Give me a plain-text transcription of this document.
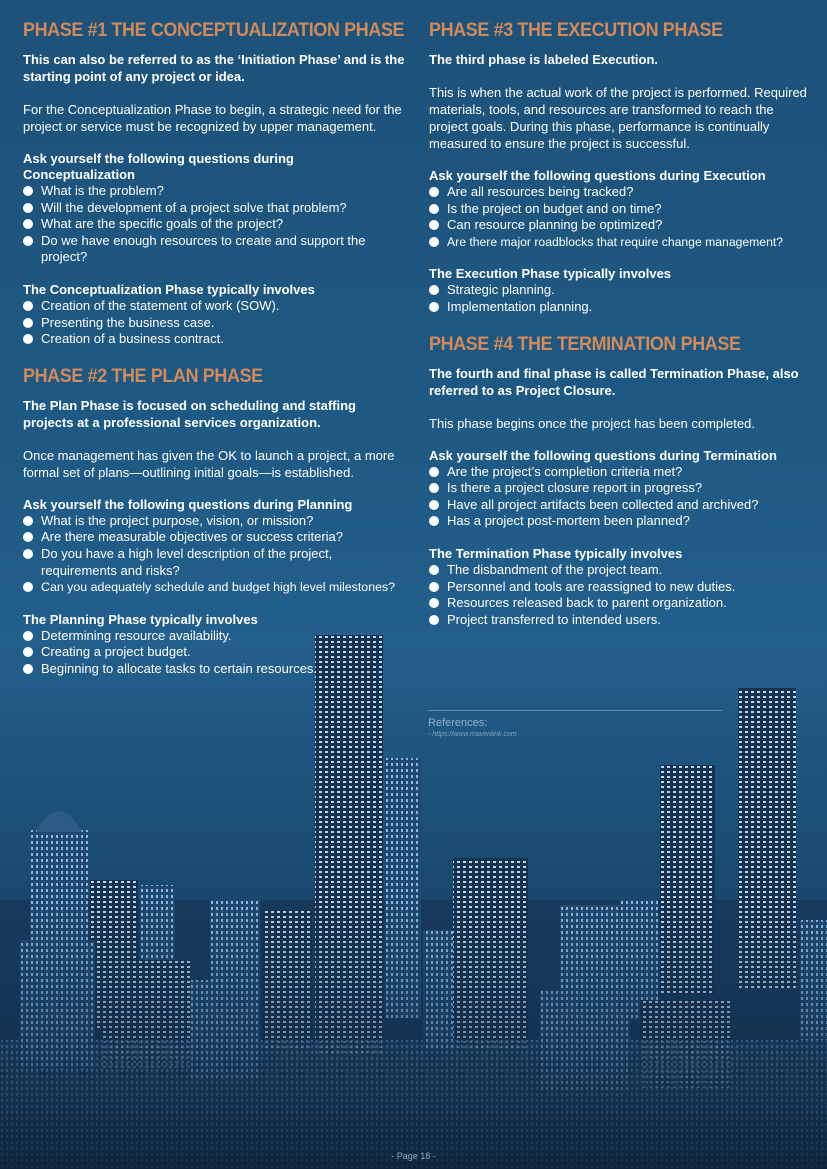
PHASE #1 THE CONCEPTUALIZATION PHASE

This can also be referred to as the ‘Initiation Phase’ and is the starting point of any project or idea.

For the Conceptualization Phase to begin, a strategic need for the project or service must be recognized by upper management.

Ask yourself the following questions during Conceptualization

What is the problem?
Will the development of a project solve that problem?
What are the specific goals of the project?
Do we have enough resources to create and support the project?

The Conceptualization Phase typically involves

Creation of the statement of work (SOW).
Presenting the business case.
Creation of a business contract.
PHASE #2 THE PLAN PHASE

The Plan Phase is focused on scheduling and staffing projects at a professional services organization.

Once management has given the OK to launch a project, a more formal set of plans—outlining initial goals—is established.

Ask yourself the following questions during Planning

What is the project purpose, vision, or mission?
Are there measurable objectives or success criteria?
Do you have a high level description of the project, requirements and risks?
Can you adequately schedule and budget high level milestones?

The Planning Phase typically involves

Determining resource availability.
Creating a project budget.
Beginning to allocate tasks to certain resources.
PHASE #3 THE EXECUTION PHASE

The third phase is labeled Execution.

This is when the actual work of the project is performed. Required materials, tools, and resources are transformed to reach the project goals. During this phase, performance is continually measured to ensure the project is successful.

Ask yourself the following questions during Execution

Are all resources being tracked?
Is the project on budget and on time?
Can resource planning be optimized?
Are there major roadblocks that require change management?

The Execution Phase typically involves

Strategic planning.
Implementation planning.
PHASE #4 THE TERMINATION PHASE

The fourth and final phase is called Termination Phase, also referred to as Project Closure.

This phase begins once the project has been completed.

Ask yourself the following questions during Termination

Are the project’s completion criteria met?
Is there a project closure report in progress?
Have all project artifacts been collected and archived?
Has a project post-mortem been planned?

The Termination Phase typically involves

The disbandment of the project team.
Personnel and tools are reassigned to new duties.
Resources released back to parent organization.
Project transferred to intended users.
References:
- https://www.mavenlink.com
- Page 18 -
